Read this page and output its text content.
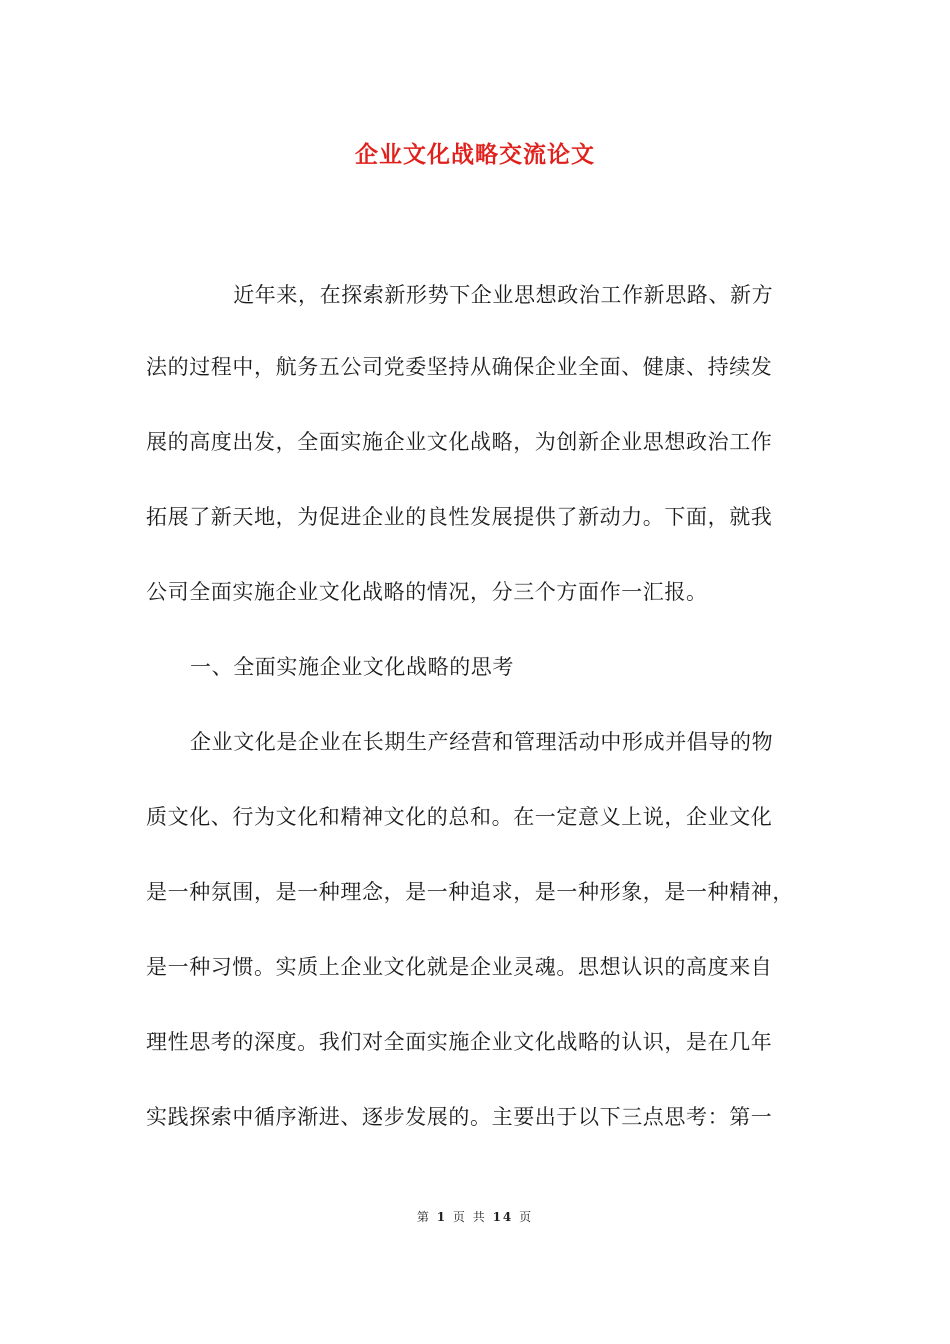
企业文化战略交流论文
　　近年来，在探索新形势下企业思想政治工作新思路、新方
法的过程中，航务五公司党委坚持从确保企业全面、健康、持续发
展的高度出发，全面实施企业文化战略，为创新企业思想政治工作
拓展了新天地，为促进企业的良性发展提供了新动力。下面，就我
公司全面实施企业文化战略的情况，分三个方面作一汇报。
一、全面实施企业文化战略的思考
企业文化是企业在长期生产经营和管理活动中形成并倡导的物
质文化、行为文化和精神文化的总和。在一定意义上说，企业文化
是一种氛围，是一种理念，是一种追求，是一种形象，是一种精神，
是一种习惯。实质上企业文化就是企业灵魂。思想认识的高度来自
理性思考的深度。我们对全面实施企业文化战略的认识，是在几年
实践探索中循序渐进、逐步发展的。主要出于以下三点思考：第一
第 1 页 共 14 页
